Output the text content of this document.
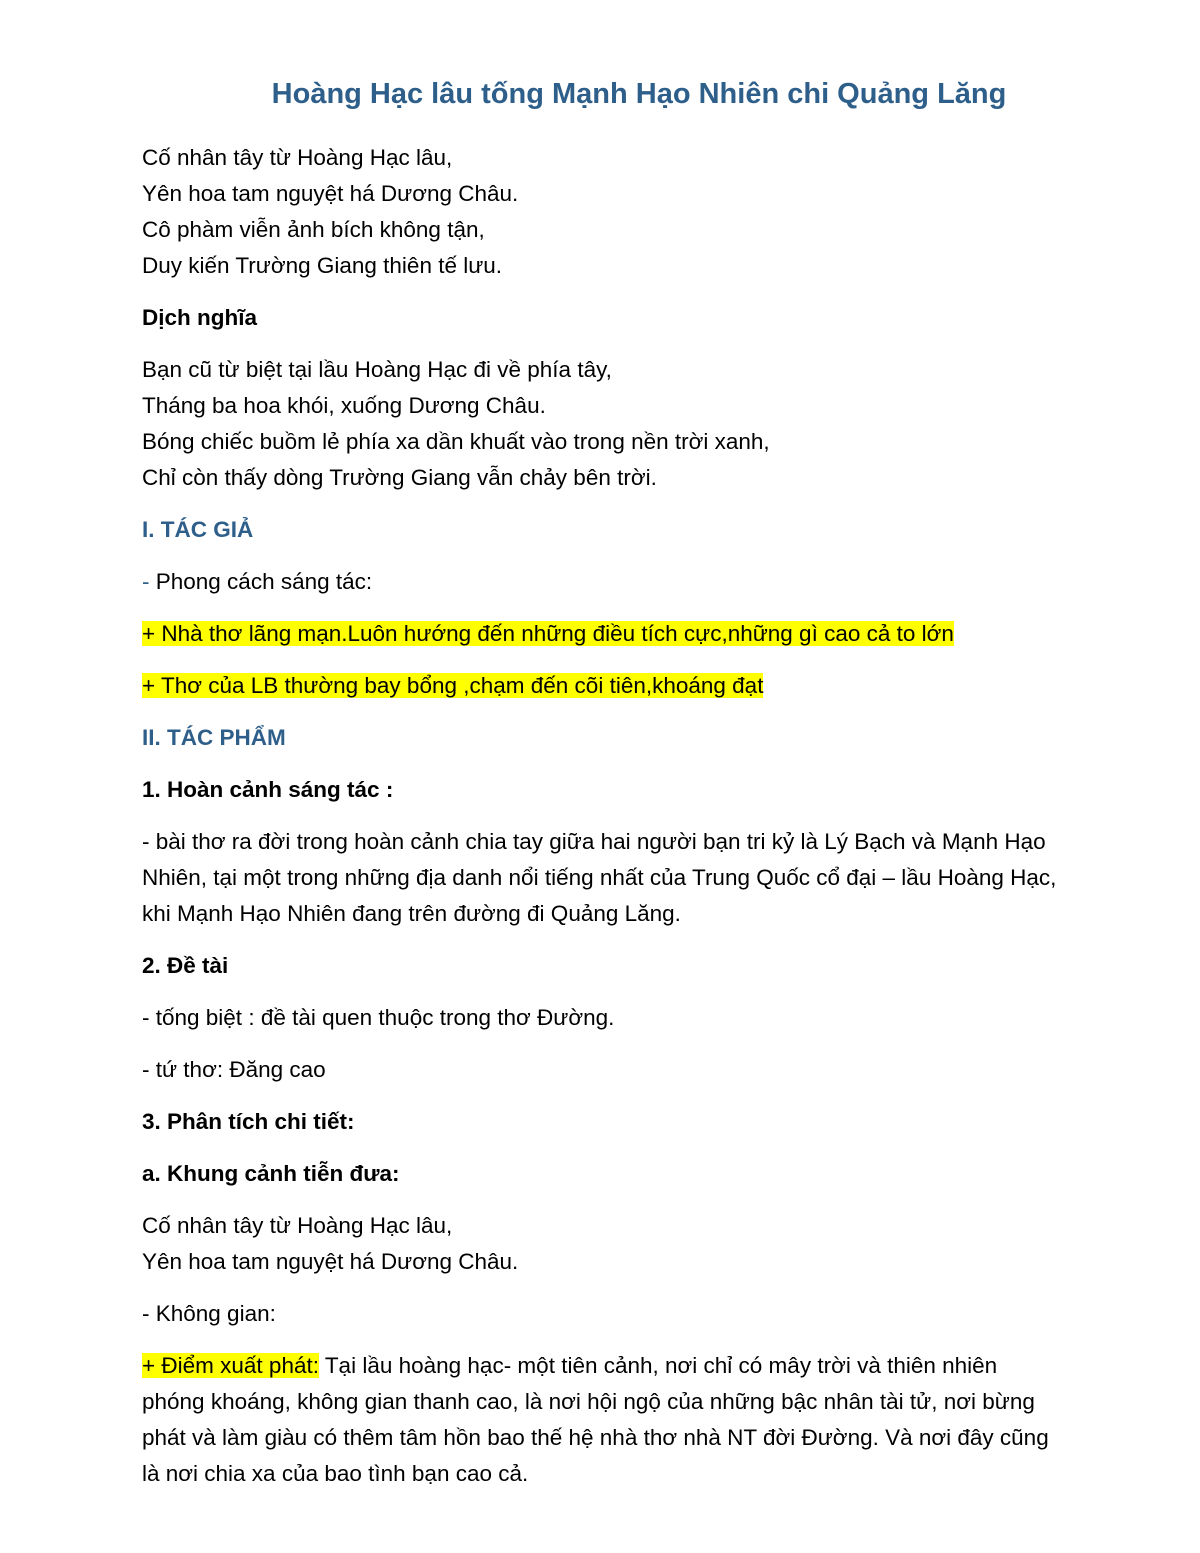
Hoàng Hạc lâu tống Mạnh Hạo Nhiên chi Quảng Lăng
Cố nhân tây từ Hoàng Hạc lâu,
Yên hoa tam nguyệt há Dương Châu.
Cô phàm viễn ảnh bích không tận,
Duy kiến Trường Giang thiên tế lưu.
Dịch nghĩa
Bạn cũ từ biệt tại lầu Hoàng Hạc đi về phía tây,
Tháng ba hoa khói, xuống Dương Châu.
Bóng chiếc buồm lẻ phía xa dần khuất vào trong nền trời xanh,
Chỉ còn thấy dòng Trường Giang vẫn chảy bên trời.
I. TÁC GIẢ
- Phong cách sáng tác:
+ Nhà thơ lãng mạn.Luôn hướng đến những điều tích cực,những gì cao cả to lớn
+ Thơ của LB thường bay bổng ,chạm đến cõi tiên,khoáng đạt
II. TÁC PHẨM
1. Hoàn cảnh sáng tác :
- bài thơ ra đời trong hoàn cảnh chia tay giữa hai người bạn tri kỷ là Lý Bạch và Mạnh Hạo Nhiên, tại một trong những địa danh nổi tiếng nhất của Trung Quốc cổ đại – lầu Hoàng Hạc, khi Mạnh Hạo Nhiên đang trên đường đi Quảng Lăng.
2. Đề tài
- tống biệt : đề tài quen thuộc trong thơ Đường.
- tứ thơ: Đăng cao
3. Phân tích chi tiết:
a. Khung cảnh tiễn đưa:
Cố nhân tây từ Hoàng Hạc lâu,
Yên hoa tam nguyệt há Dương Châu.
- Không gian:
+ Điểm xuất phát: Tại lầu hoàng hạc- một tiên cảnh, nơi chỉ có mây trời và thiên nhiên phóng khoáng, không gian thanh cao, là nơi hội ngộ của những bậc nhân tài tử, nơi bừng phát và làm giàu có thêm tâm hồn bao thế hệ nhà thơ nhà NT đời Đường. Và nơi đây cũng là nơi chia xa của bao tình bạn cao cả.
